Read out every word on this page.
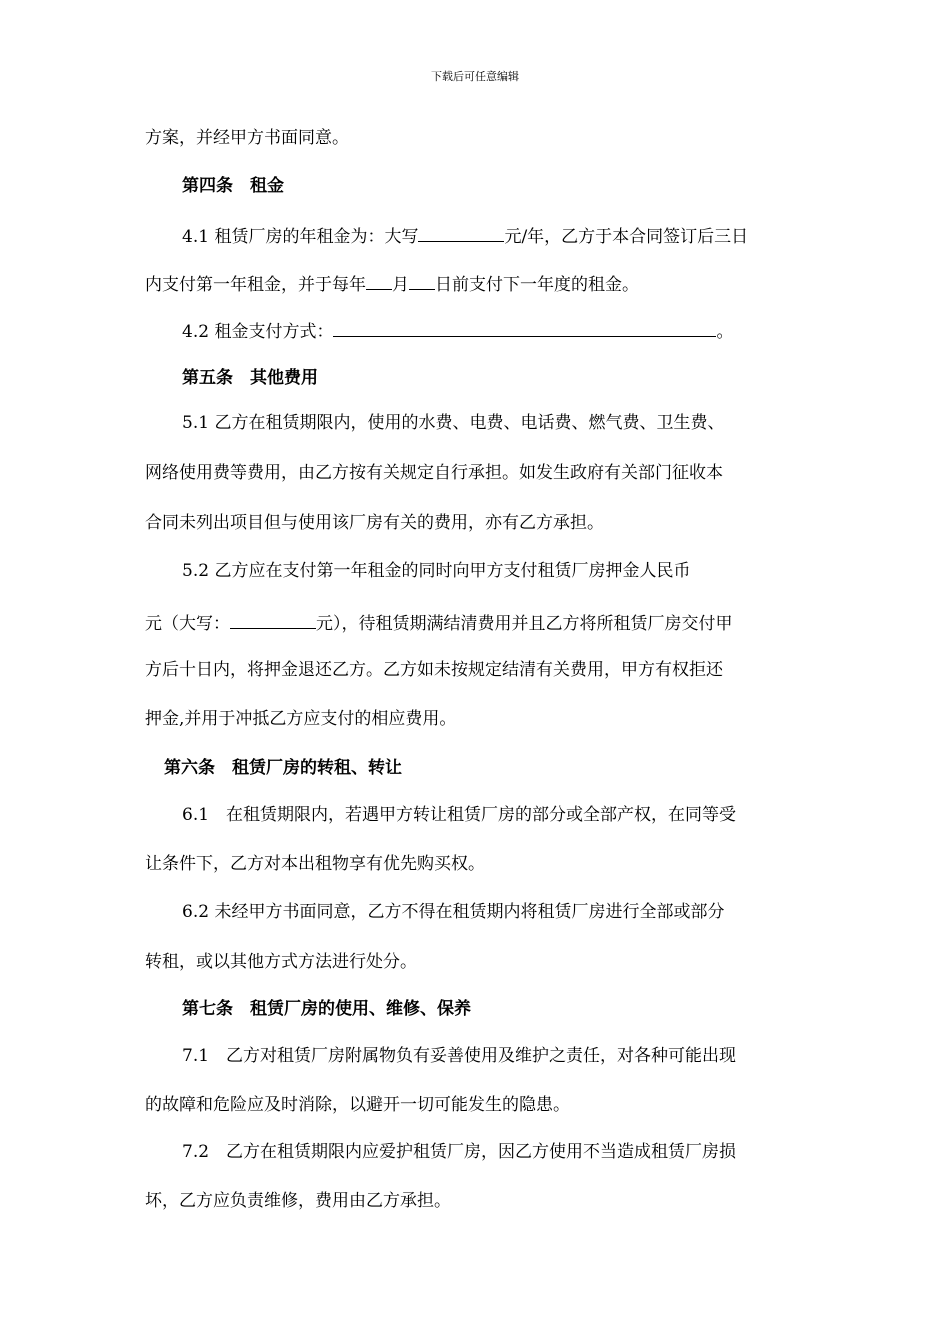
下载后可任意编辑
方案，并经甲方书面同意。
第四条　租金
4.1 租赁厂房的年租金为：大写	元/年，乙方于本合同签订后三日
内支付第一年租金，并于每年 月 日前支付下一年度的租金。
4.2 租金支付方式：	。
第五条　其他费用
5.1 乙方在租赁期限内，使用的水费、电费、电话费、燃气费、卫生费、
网络使用费等费用，由乙方按有关规定自行承担。如发生政府有关部门征收本
合同未列出项目但与使用该厂房有关的费用，亦有乙方承担。
5.2 乙方应在支付第一年租金的同时向甲方支付租赁厂房押金人民币
元（大写：	元），待租赁期满结清费用并且乙方将所租赁厂房交付甲
方后十日内，将押金退还乙方。乙方如未按规定结清有关费用，甲方有权拒还
押金,并用于冲抵乙方应支付的相应费用。
第六条　租赁厂房的转租、转让
6.1　在租赁期限内，若遇甲方转让租赁厂房的部分或全部产权，在同等受
让条件下，乙方对本出租物享有优先购买权。
6.2 未经甲方书面同意，乙方不得在租赁期内将租赁厂房进行全部或部分
转租，或以其他方式方法进行处分。
第七条　租赁厂房的使用、维修、保养
7.1　乙方对租赁厂房附属物负有妥善使用及维护之责任，对各种可能出现
的故障和危险应及时消除，以避开一切可能发生的隐患。
7.2　乙方在租赁期限内应爱护租赁厂房，因乙方使用不当造成租赁厂房损
坏，乙方应负责维修，费用由乙方承担。
